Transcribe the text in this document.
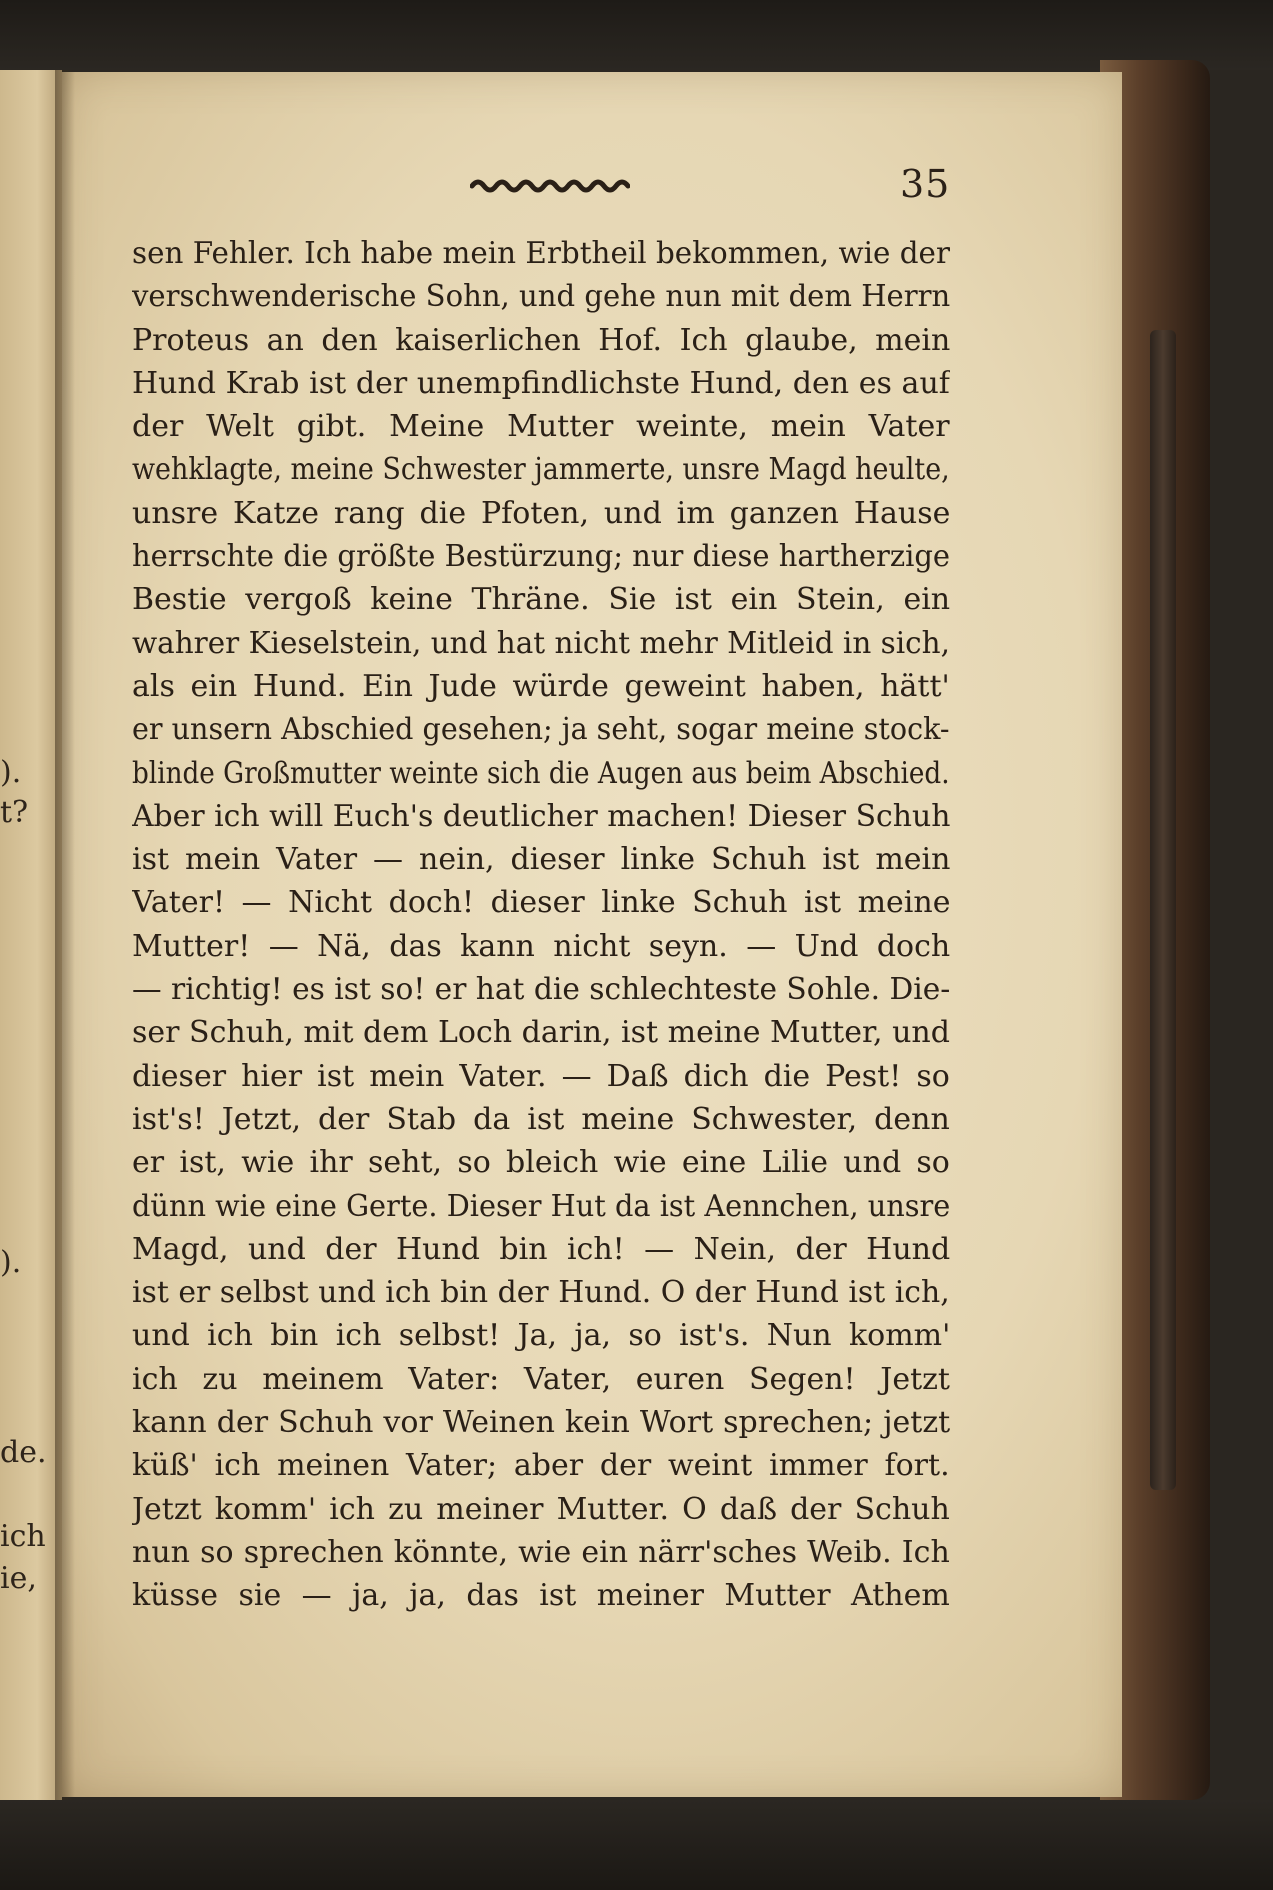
).
t?
).
de.
ich
ie,
35
sen Fehler. Ich habe mein Erbtheil bekommen, wie der
verschwenderische Sohn, und gehe nun mit dem Herrn
Proteus an den kaiserlichen Hof. Ich glaube, mein
Hund Krab ist der unempfindlichste Hund, den es auf
der Welt gibt. Meine Mutter weinte, mein Vater
wehklagte, meine Schwester jammerte, unsre Magd heulte,
unsre Katze rang die Pfoten, und im ganzen Hause
herrschte die größte Bestürzung; nur diese hartherzige
Bestie vergoß keine Thräne. Sie ist ein Stein, ein
wahrer Kieselstein, und hat nicht mehr Mitleid in sich,
als ein Hund. Ein Jude würde geweint haben, hätt'
er unsern Abschied gesehen; ja seht, sogar meine stock-
blinde Großmutter weinte sich die Augen aus beim Abschied.
Aber ich will Euch's deutlicher machen! Dieser Schuh
ist mein Vater — nein, dieser linke Schuh ist mein
Vater! — Nicht doch! dieser linke Schuh ist meine
Mutter! — Nä, das kann nicht seyn. — Und doch
— richtig! es ist so! er hat die schlechteste Sohle. Die-
ser Schuh, mit dem Loch darin, ist meine Mutter, und
dieser hier ist mein Vater. — Daß dich die Pest! so
ist's! Jetzt, der Stab da ist meine Schwester, denn
er ist, wie ihr seht, so bleich wie eine Lilie und so
dünn wie eine Gerte. Dieser Hut da ist Aennchen, unsre
Magd, und der Hund bin ich! — Nein, der Hund
ist er selbst und ich bin der Hund. O der Hund ist ich,
und ich bin ich selbst! Ja, ja, so ist's. Nun komm'
ich zu meinem Vater: Vater, euren Segen! Jetzt
kann der Schuh vor Weinen kein Wort sprechen; jetzt
küß' ich meinen Vater; aber der weint immer fort.
Jetzt komm' ich zu meiner Mutter. O daß der Schuh
nun so sprechen könnte, wie ein närr'sches Weib. Ich
küsse sie — ja, ja, das ist meiner Mutter Athem
